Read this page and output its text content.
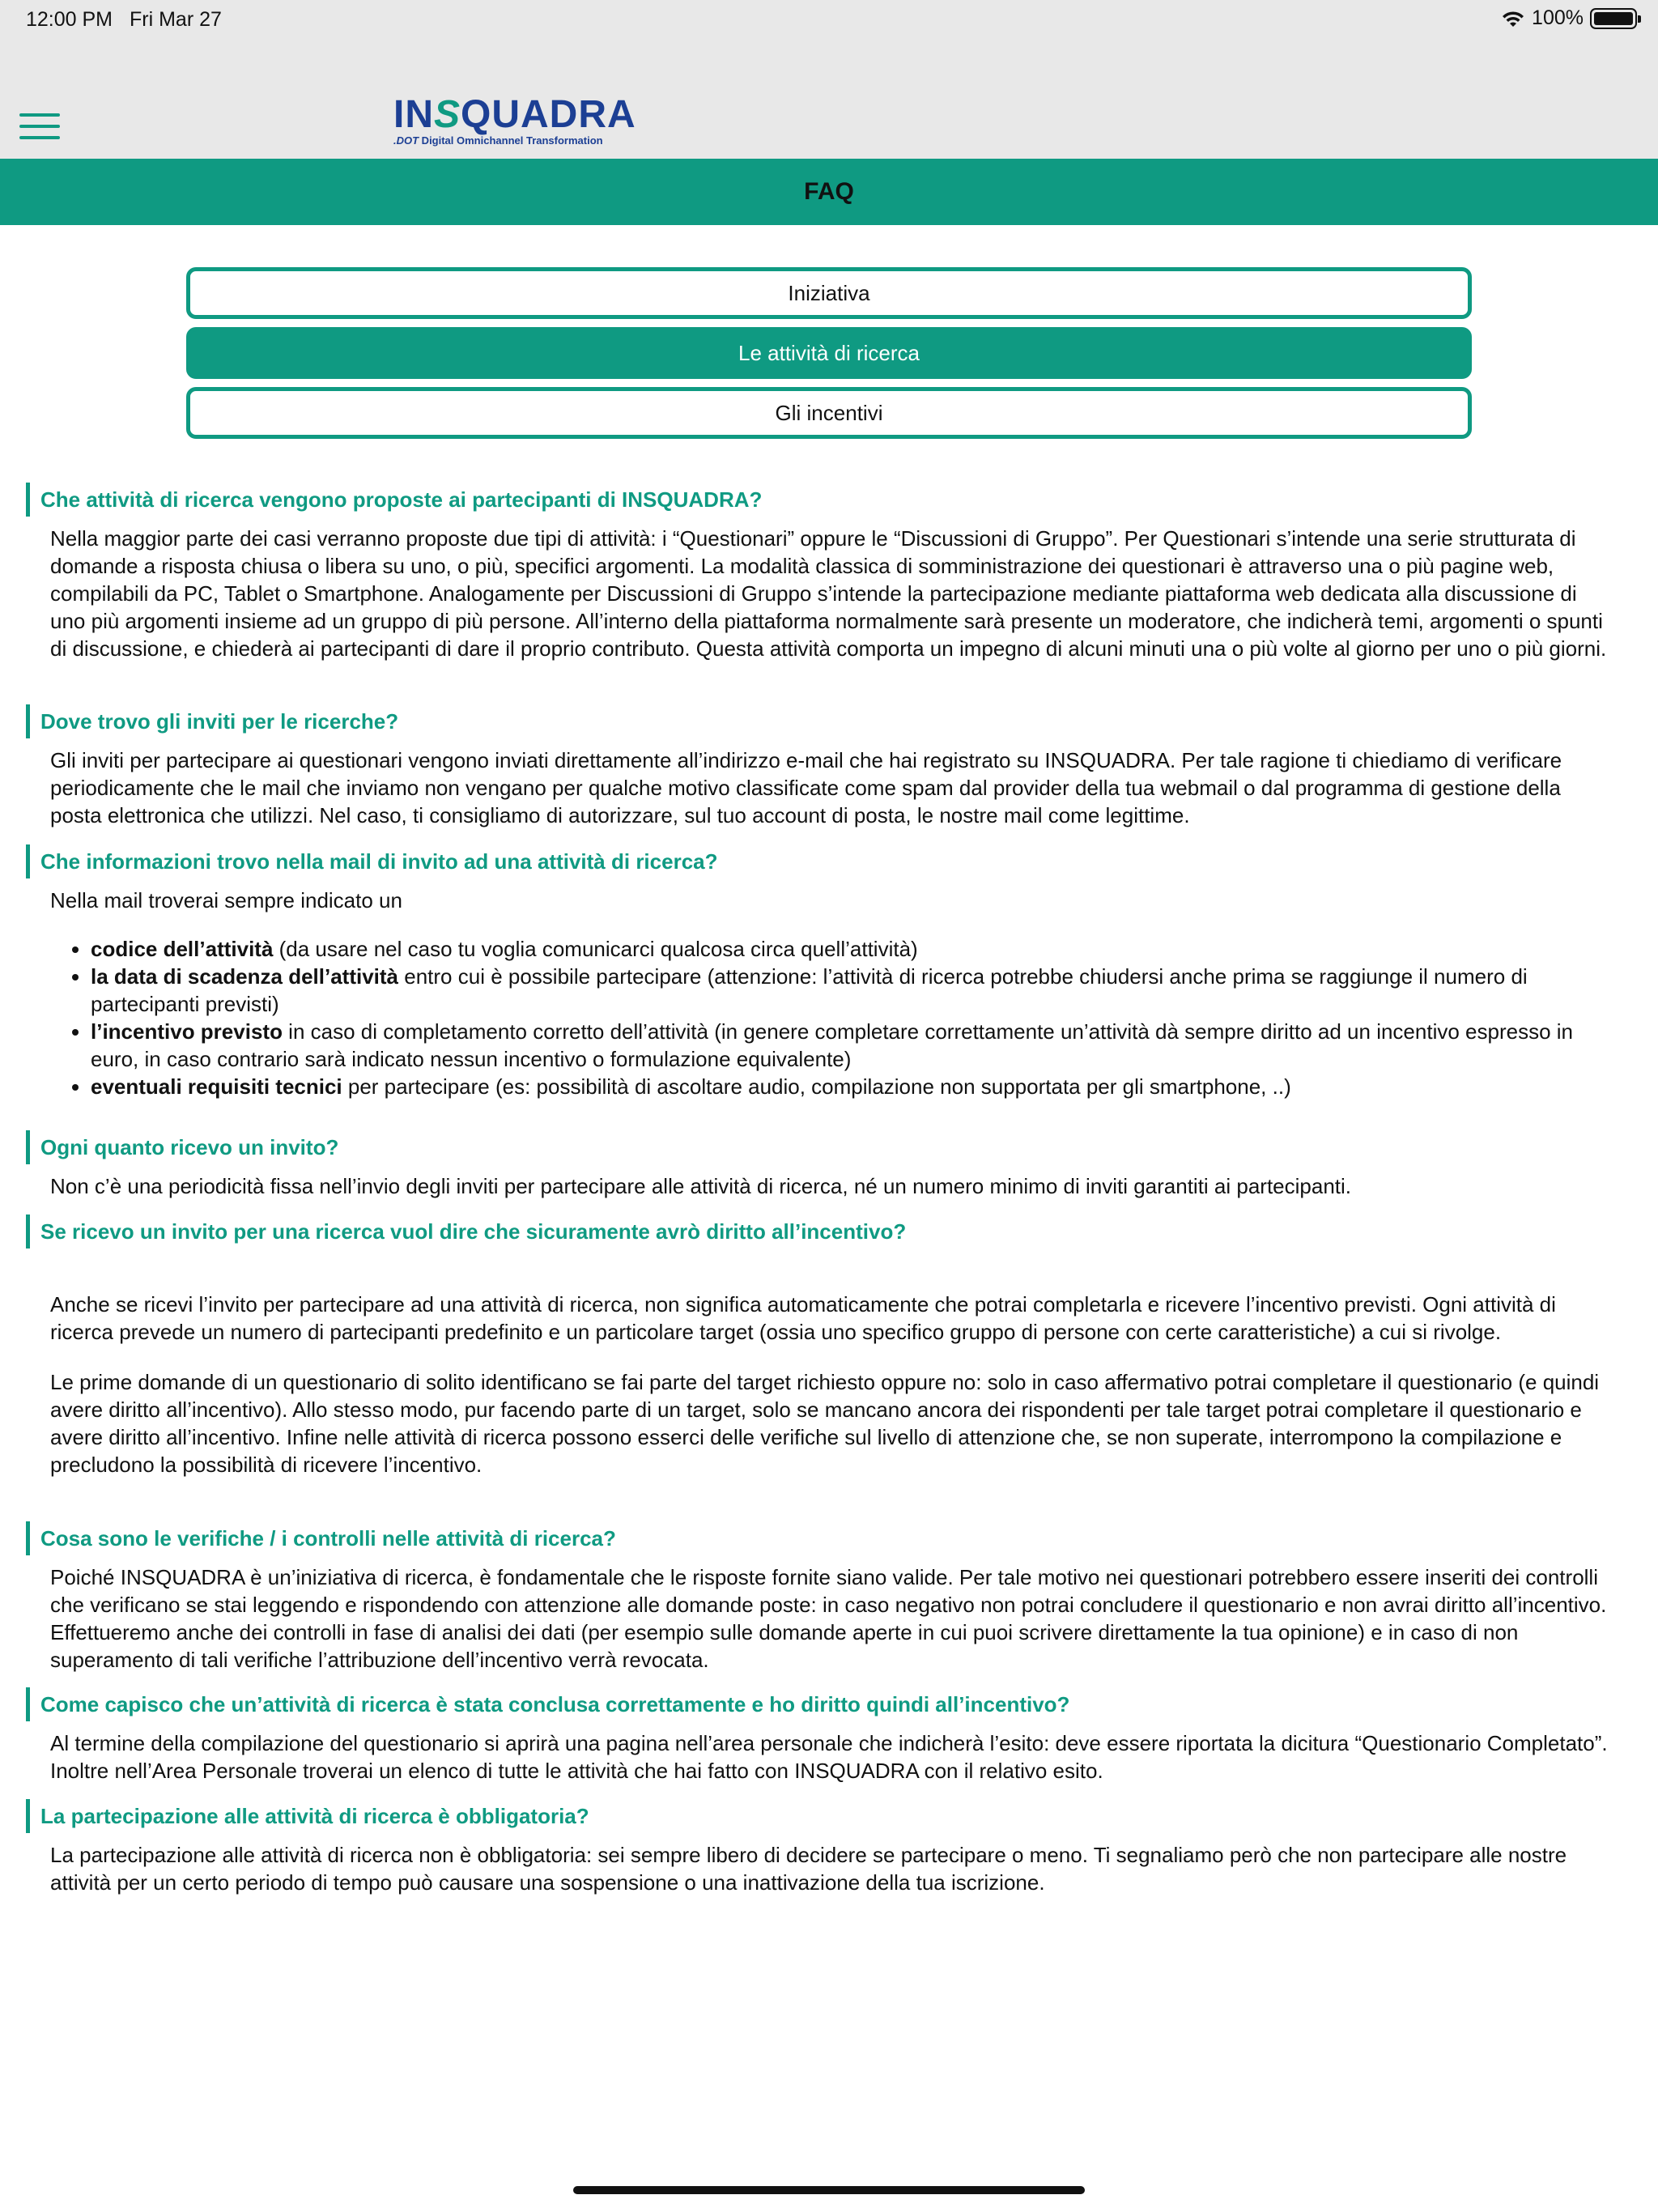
12:00 PM Fri Mar 27	100%
INSQUADRA
.DOT Digital Omnichannel Transformation
FAQ
Iniziativa
Le attività di ricerca
Gli incentivi
Che attività di ricerca vengono proposte ai partecipanti di INSQUADRA?

Nella maggior parte dei casi verranno proposte due tipi di attività: i “Questionari” oppure le “Discussioni di Gruppo”. Per Questionari s’intende una serie strutturata di domande a risposta chiusa o libera su uno, o più, specifici argomenti. La modalità classica di somministrazione dei questionari è attraverso una o più pagine web, compilabili da PC, Tablet o Smartphone. Analogamente per Discussioni di Gruppo s’intende la partecipazione mediante piattaforma web dedicata alla discussione di uno più argomenti insieme ad un gruppo di più persone. All’interno della piattaforma normalmente sarà presente un moderatore, che indicherà temi, argomenti o spunti di discussione, e chiederà ai partecipanti di dare il proprio contributo. Questa attività comporta un impegno di alcuni minuti una o più volte al giorno per uno o più giorni.

Dove trovo gli inviti per le ricerche?

Gli inviti per partecipare ai questionari vengono inviati direttamente all’indirizzo e-mail che hai registrato su INSQUADRA. Per tale ragione ti chiediamo di verificare periodicamente che le mail che inviamo non vengano per qualche motivo classificate come spam dal provider della tua webmail o dal programma di gestione della posta elettronica che utilizzi. Nel caso, ti consigliamo di autorizzare, sul tuo account di posta, le nostre mail come legittime.

Che informazioni trovo nella mail di invito ad una attività di ricerca?

Nella mail troverai sempre indicato un

• codice dell’attività (da usare nel caso tu voglia comunicarci qualcosa circa quell’attività)
• la data di scadenza dell’attività entro cui è possibile partecipare (attenzione: l’attività di ricerca potrebbe chiudersi anche prima se raggiunge il numero di partecipanti previsti)
• l’incentivo previsto in caso di completamento corretto dell’attività (in genere completare correttamente un’attività dà sempre diritto ad un incentivo espresso in euro, in caso contrario sarà indicato nessun incentivo o formulazione equivalente)
• eventuali requisiti tecnici per partecipare (es: possibilità di ascoltare audio, compilazione non supportata per gli smartphone, ..)
Ogni quanto ricevo un invito?

Non c’è una periodicità fissa nell’invio degli inviti per partecipare alle attività di ricerca, né un numero minimo di inviti garantiti ai partecipanti.

Se ricevo un invito per una ricerca vuol dire che sicuramente avrò diritto all’incentivo?

Anche se ricevi l’invito per partecipare ad una attività di ricerca, non significa automaticamente che potrai completarla e ricevere l’incentivo previsti. Ogni attività di ricerca prevede un numero di partecipanti predefinito e un particolare target (ossia uno specifico gruppo di persone con certe caratteristiche) a cui si rivolge.

Le prime domande di un questionario di solito identificano se fai parte del target richiesto oppure no: solo in caso affermativo potrai completare il questionario (e quindi avere diritto all’incentivo). Allo stesso modo, pur facendo parte di un target, solo se mancano ancora dei rispondenti per tale target potrai completare il questionario e avere diritto all’incentivo. Infine nelle attività di ricerca possono esserci delle verifiche sul livello di attenzione che, se non superate, interrompono la compilazione e precludono la possibilità di ricevere l’incentivo.

Cosa sono le verifiche / i controlli nelle attività di ricerca?

Poiché INSQUADRA è un’iniziativa di ricerca, è fondamentale che le risposte fornite siano valide. Per tale motivo nei questionari potrebbero essere inseriti dei controlli che verificano se stai leggendo e rispondendo con attenzione alle domande poste: in caso negativo non potrai concludere il questionario e non avrai diritto all’incentivo. Effettueremo anche dei controlli in fase di analisi dei dati (per esempio sulle domande aperte in cui puoi scrivere direttamente la tua opinione) e in caso di non superamento di tali verifiche l’attribuzione dell’incentivo verrà revocata.

Come capisco che un’attività di ricerca è stata conclusa correttamente e ho diritto quindi all’incentivo?

Al termine della compilazione del questionario si aprirà una pagina nell’area personale che indicherà l’esito: deve essere riportata la dicitura “Questionario Completato”. Inoltre nell’Area Personale troverai un elenco di tutte le attività che hai fatto con INSQUADRA con il relativo esito.

La partecipazione alle attività di ricerca è obbligatoria?

La partecipazione alle attività di ricerca non è obbligatoria: sei sempre libero di decidere se partecipare o meno. Ti segnaliamo però che non partecipare alle nostre attività per un certo periodo di tempo può causare una sospensione o una inattivazione della tua iscrizione.
